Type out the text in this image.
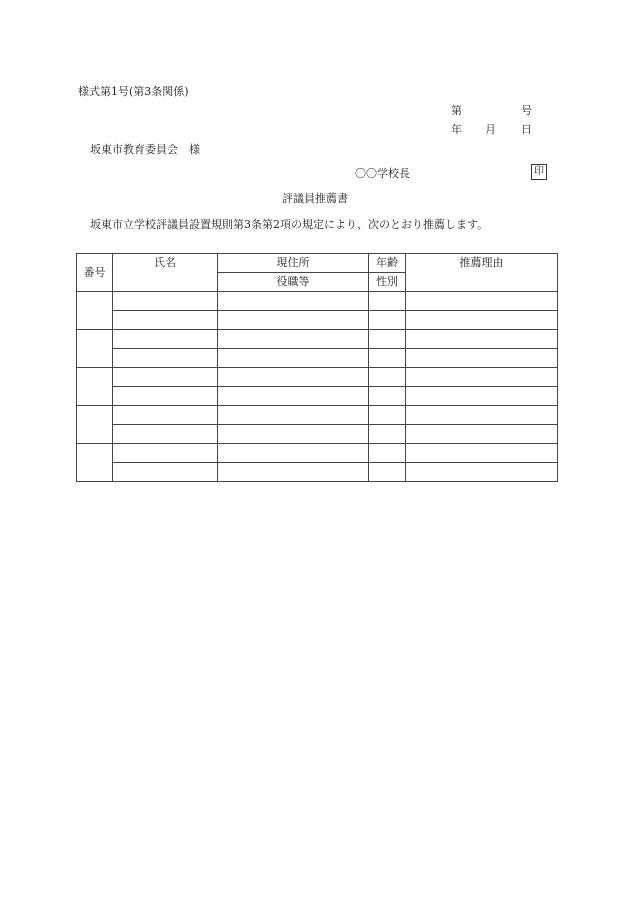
様式第1号(第3条関係)
第	号
年 月 日
坂東市教育委員会　様
〇〇学校長	印
評議員推薦書
坂東市立学校評議員設置規則第3条第2項の規定により、次のとおり推薦します。
番号	氏名	現住所	年齢	推薦理由
		役職等	性別	
